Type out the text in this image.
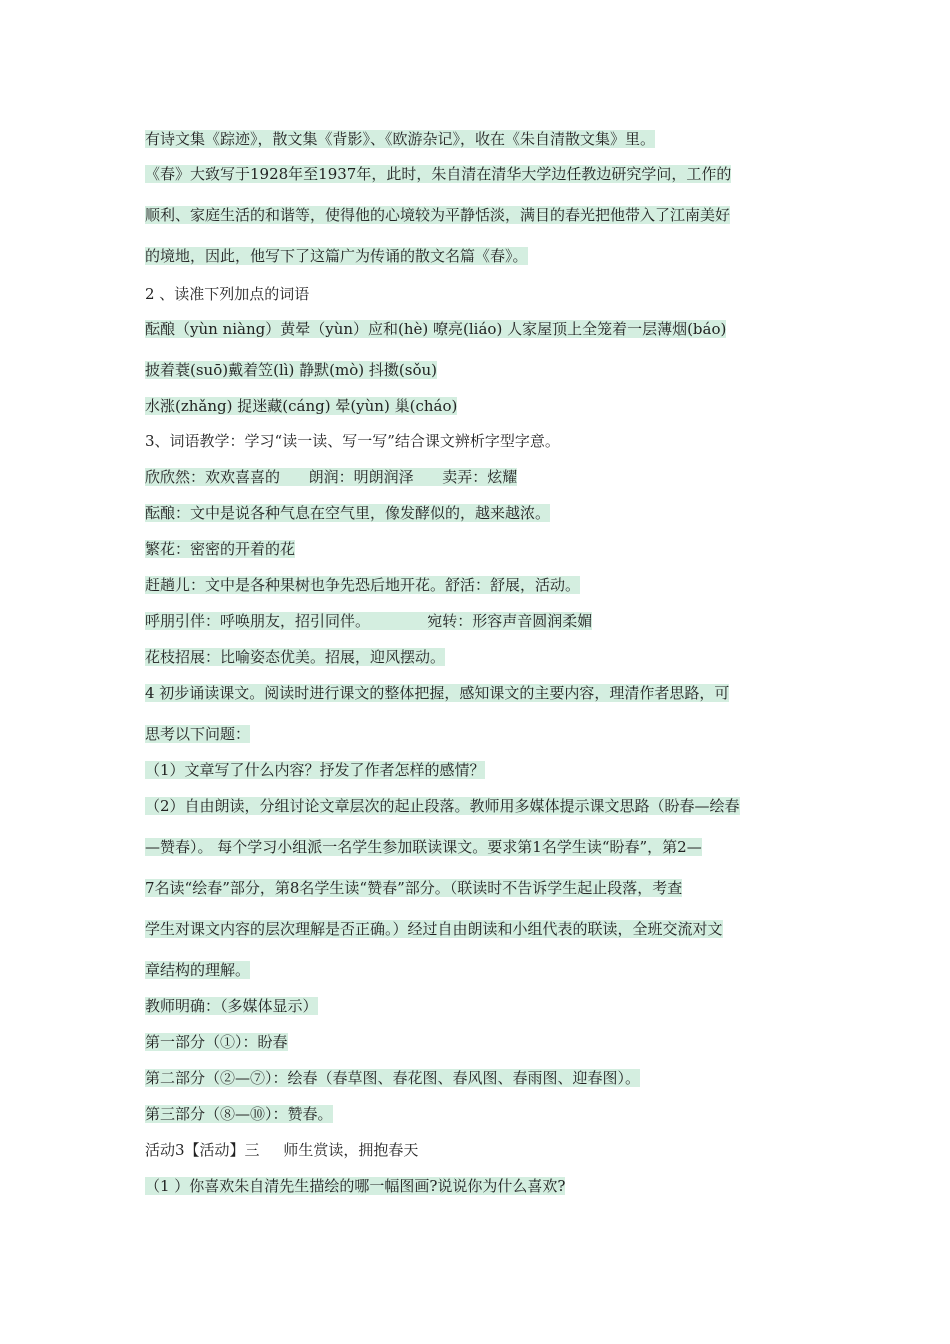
有诗文集《踪迹》，散文集《背影》、《欧游杂记》，收在《朱自清散文集》里。
《春》大致写于1928年至1937年，此时，朱自清在清华大学边任教边研究学问，工作的
顺利、家庭生活的和谐等，使得他的心境较为平静恬淡，满目的春光把他带入了江南美好
的境地，因此，他写下了这篇广为传诵的散文名篇《春》。
2 、读准下列加点的词语
酝酿（yùn niàng）黄晕（yùn）应和(hè) 嘹亮(liáo) 人家屋顶上全笼着一层薄烟(báo)
披着蓑(suō)戴着笠(lì) 静默(mò) 抖擞(sǒu)
水涨(zhǎng) 捉迷藏(cáng) 晕(yùn) 巢(cháo)
3、词语教学：学习“读一读、写一写”结合课文辨析字型字意。
欣欣然：欢欢喜喜的      朗润：明朗润泽      卖弄：炫耀
酝酿：文中是说各种气息在空气里，像发酵似的，越来越浓。
繁花：密密的开着的花
赶趟儿：文中是各种果树也争先恐后地开花。舒活：舒展，活动。
呼朋引伴：呼唤朋友，招引同伴。            宛转：形容声音圆润柔媚
花枝招展：比喻姿态优美。招展，迎风摆动。
4 初步诵读课文。阅读时进行课文的整体把握，感知课文的主要内容，理清作者思路，可
思考以下问题：
（1）文章写了什么内容？抒发了作者怎样的感情？
（2）自由朗读，分组讨论文章层次的起止段落。教师用多媒体提示课文思路（盼春—绘春
—赞春）。 每个学习小组派一名学生参加联读课文。要求第1名学生读“盼春”，第2—
7名读“绘春”部分，第8名学生读“赞春”部分。（联读时不告诉学生起止段落，考查
学生对课文内容的层次理解是否正确。）经过自由朗读和小组代表的联读，全班交流对文
章结构的理解。
教师明确：（多媒体显示）
第一部分（①）：盼春
第二部分（②—⑦）：绘春（春草图、春花图、春风图、春雨图、迎春图）。
第三部分（⑧—⑩）：赞春。
活动3【活动】三     师生赏读，拥抱春天
（1 ）你喜欢朱自清先生描绘的哪一幅图画?说说你为什么喜欢?
